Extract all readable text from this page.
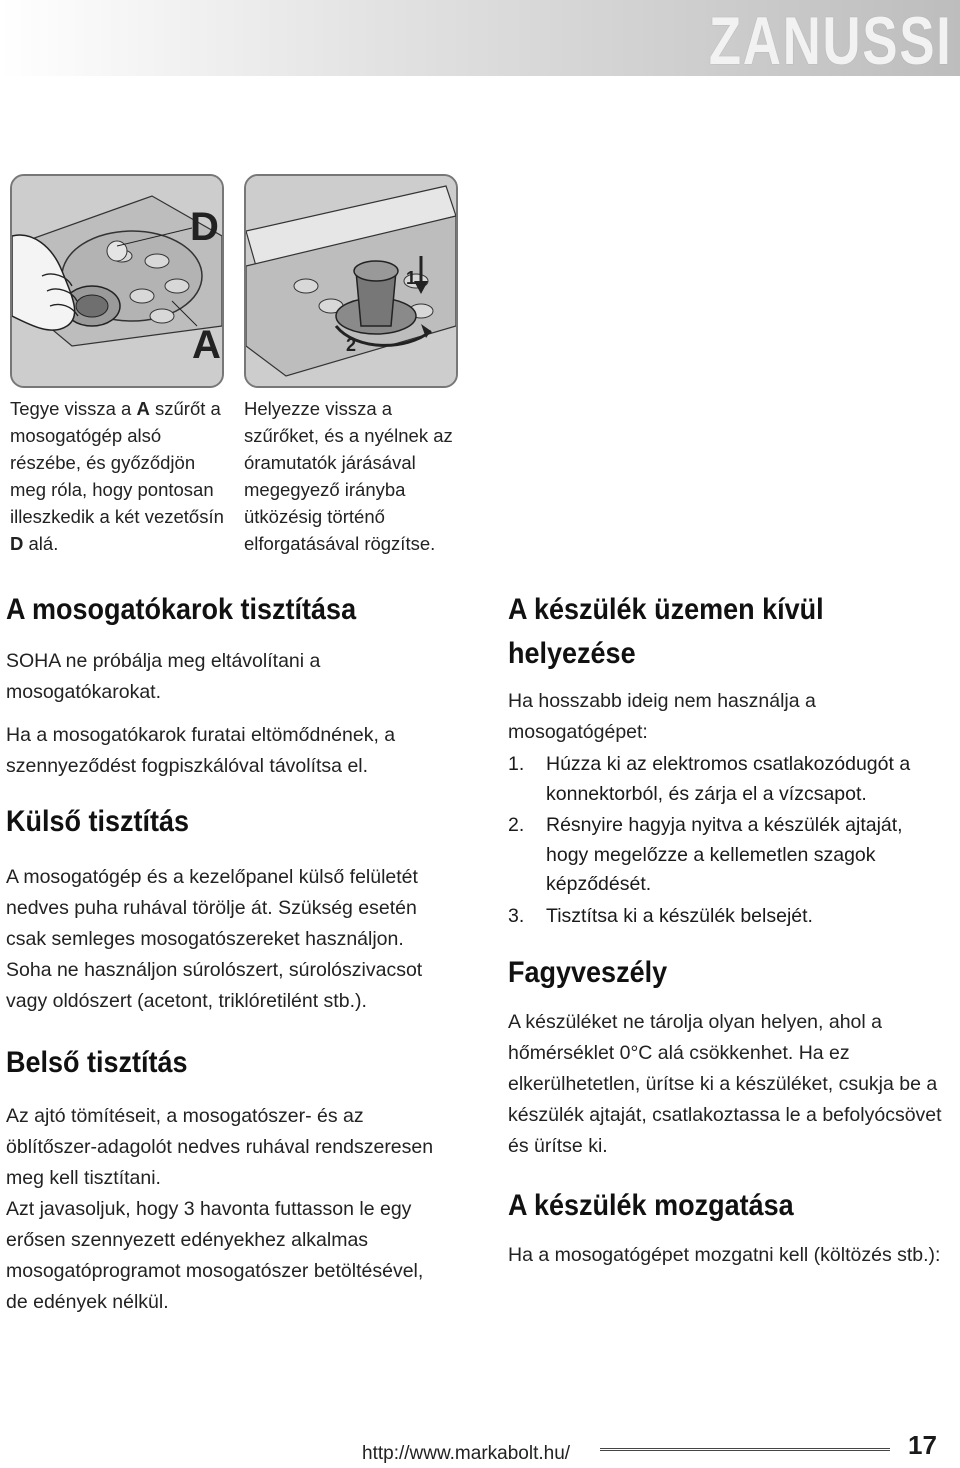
ZANUSSI
D
A
1
2

Tegye vissza a A szűrőt a mosogatógép alsó részébe, és győződjön meg róla, hogy pontosan illeszkedik a két vezetősín D alá.

Helyezze vissza a szűrőket, és a nyélnek az óramutatók járásával megegyező irányba ütközésig történő elforgatásával rögzítse.

A mosogatókarok tisztítása

SOHA ne próbálja meg eltávolítani a mosogatókarokat.

Ha a mosogatókarok furatai eltömődnének, a szennyeződést fogpiszkálóval távolítsa el.

Külső tisztítás

A mosogatógép és a kezelőpanel külső felületét nedves puha ruhával törölje át. Szükség esetén csak semleges mosogatószereket használjon. Soha ne használjon súrolószert, súrolószivacsot vagy oldószert (acetont, triklóretilént stb.).

Belső tisztítás

Az ajtó tömítéseit, a mosogatószer- és az öblítőszer-adagolót nedves ruhával rendszeresen meg kell tisztítani.

Azt javasoljuk, hogy 3 havonta futtasson le egy erősen szennyezett edényekhez alkalmas mosogatóprogramot mosogatószer betöltésével, de edények nélkül.

A készülék üzemen kívül helyezése

Ha hosszabb ideig nem használja a mosogatógépet:

1. Húzza ki az elektromos csatlakozódugót a konnektorból, és zárja el a vízcsapot.
2. Résnyire hagyja nyitva a készülék ajtaját, hogy megelőzze a kellemetlen szagok képződését.
3. Tisztítsa ki a készülék belsejét.
Fagyveszély

A készüléket ne tárolja olyan helyen, ahol a hőmérséklet 0°C alá csökkenhet. Ha ez elkerülhetetlen, ürítse ki a készüléket, csukja be a készülék ajtaját, csatlakoztassa le a befolyócsövet és ürítse ki.

A készülék mozgatása

Ha a mosogatógépet mozgatni kell (költözés stb.):

http://www.markabolt.hu/	17
